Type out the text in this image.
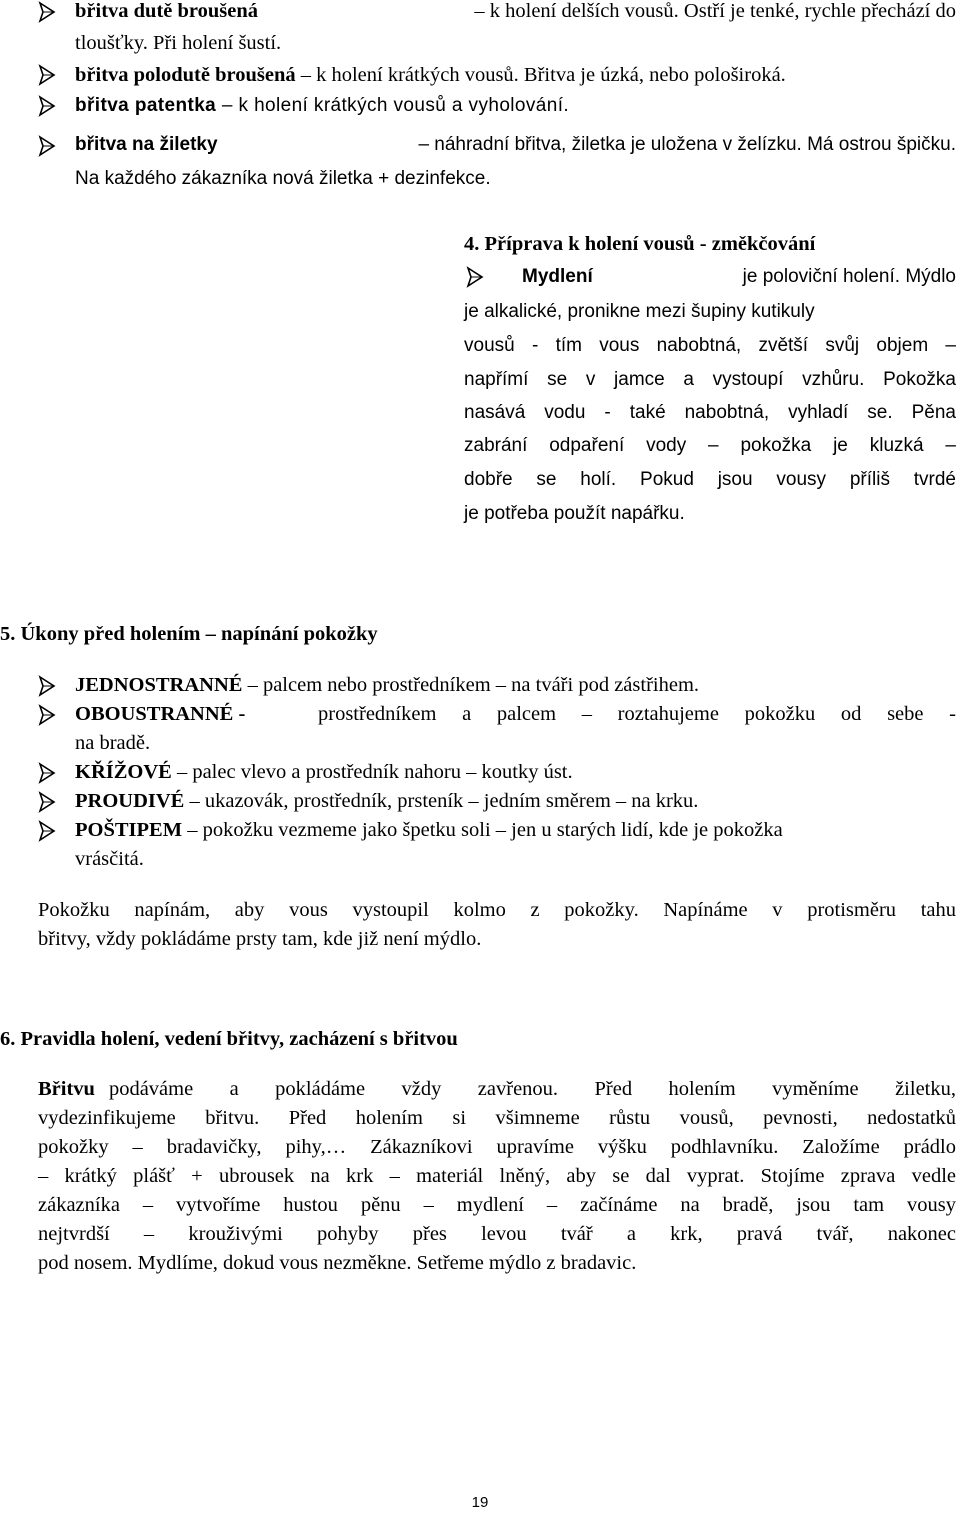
břitva dutě broušená	– k holení delších vousů. Ostří je tenké, rychle přechází do
tloušťky. Při holení šustí.
břitva polodutě broušená – k holení krátkých vousů. Břitva je úzká, nebo pološiroká.
břitva patentka – k holení krátkých vousů a vyholování.
břitva na žiletky	– náhradní břitva, žiletka je uložena v želízku. Má ostrou špičku.
Na každého zákazníka nová žiletka + dezinfekce.
4. Příprava k holení vousů - změkčování
Mydlení	je poloviční holení. Mýdlo
je alkalické, pronikne mezi šupiny kutikuly
vousů - tím vous nabobtná, zvětší svůj objem –
napřímí se v jamce a vystoupí vzhůru. Pokožka
nasává vodu - také nabobtná, vyhladí se. Pěna
zabrání odpaření vody – pokožka je kluzká –
dobře se holí. Pokud jsou vousy příliš tvrdé
je potřeba použít napářku.
5. Úkony před holením – napínání pokožky
JEDNOSTRANNÉ – palcem nebo prostředníkem – na tváři pod zástřihem.
OBOUSTRANNÉ -	prostředníkem a palcem – roztahujeme pokožku od sebe -
na bradě.
KŘÍŽOVÉ – palec vlevo a prostředník nahoru – koutky úst.
PROUDIVÉ – ukazovák, prostředník, prsteník – jedním směrem – na krku.
POŠTIPEM – pokožku vezmeme jako špetku soli – jen u starých lidí, kde je pokožka
vrásčitá.
Pokožku napínám, aby vous vystoupil kolmo z pokožky. Napínáme v protisměru tahu
břitvy, vždy pokládáme prsty tam, kde již není mýdlo.
6. Pravidla holení, vedení břitvy, zacházení s břitvou
Břitvu podáváme a pokládáme vždy zavřenou. Před holením vyměníme žiletku,
vydezinfikujeme břitvu. Před holením si všimneme růstu vousů, pevnosti, nedostatků
pokožky – bradavičky, pihy,… Zákazníkovi upravíme výšku podhlavníku. Založíme prádlo
– krátký plášť + ubrousek na krk – materiál lněný, aby se dal vyprat. Stojíme zprava vedle
zákazníka – vytvoříme hustou pěnu – mydlení – začínáme na bradě, jsou tam vousy
nejtvrdší – krouživými pohyby přes levou tvář a krk, pravá tvář, nakonec
pod nosem. Mydlíme, dokud vous nezměkne. Setřeme mýdlo z bradavic.
19
